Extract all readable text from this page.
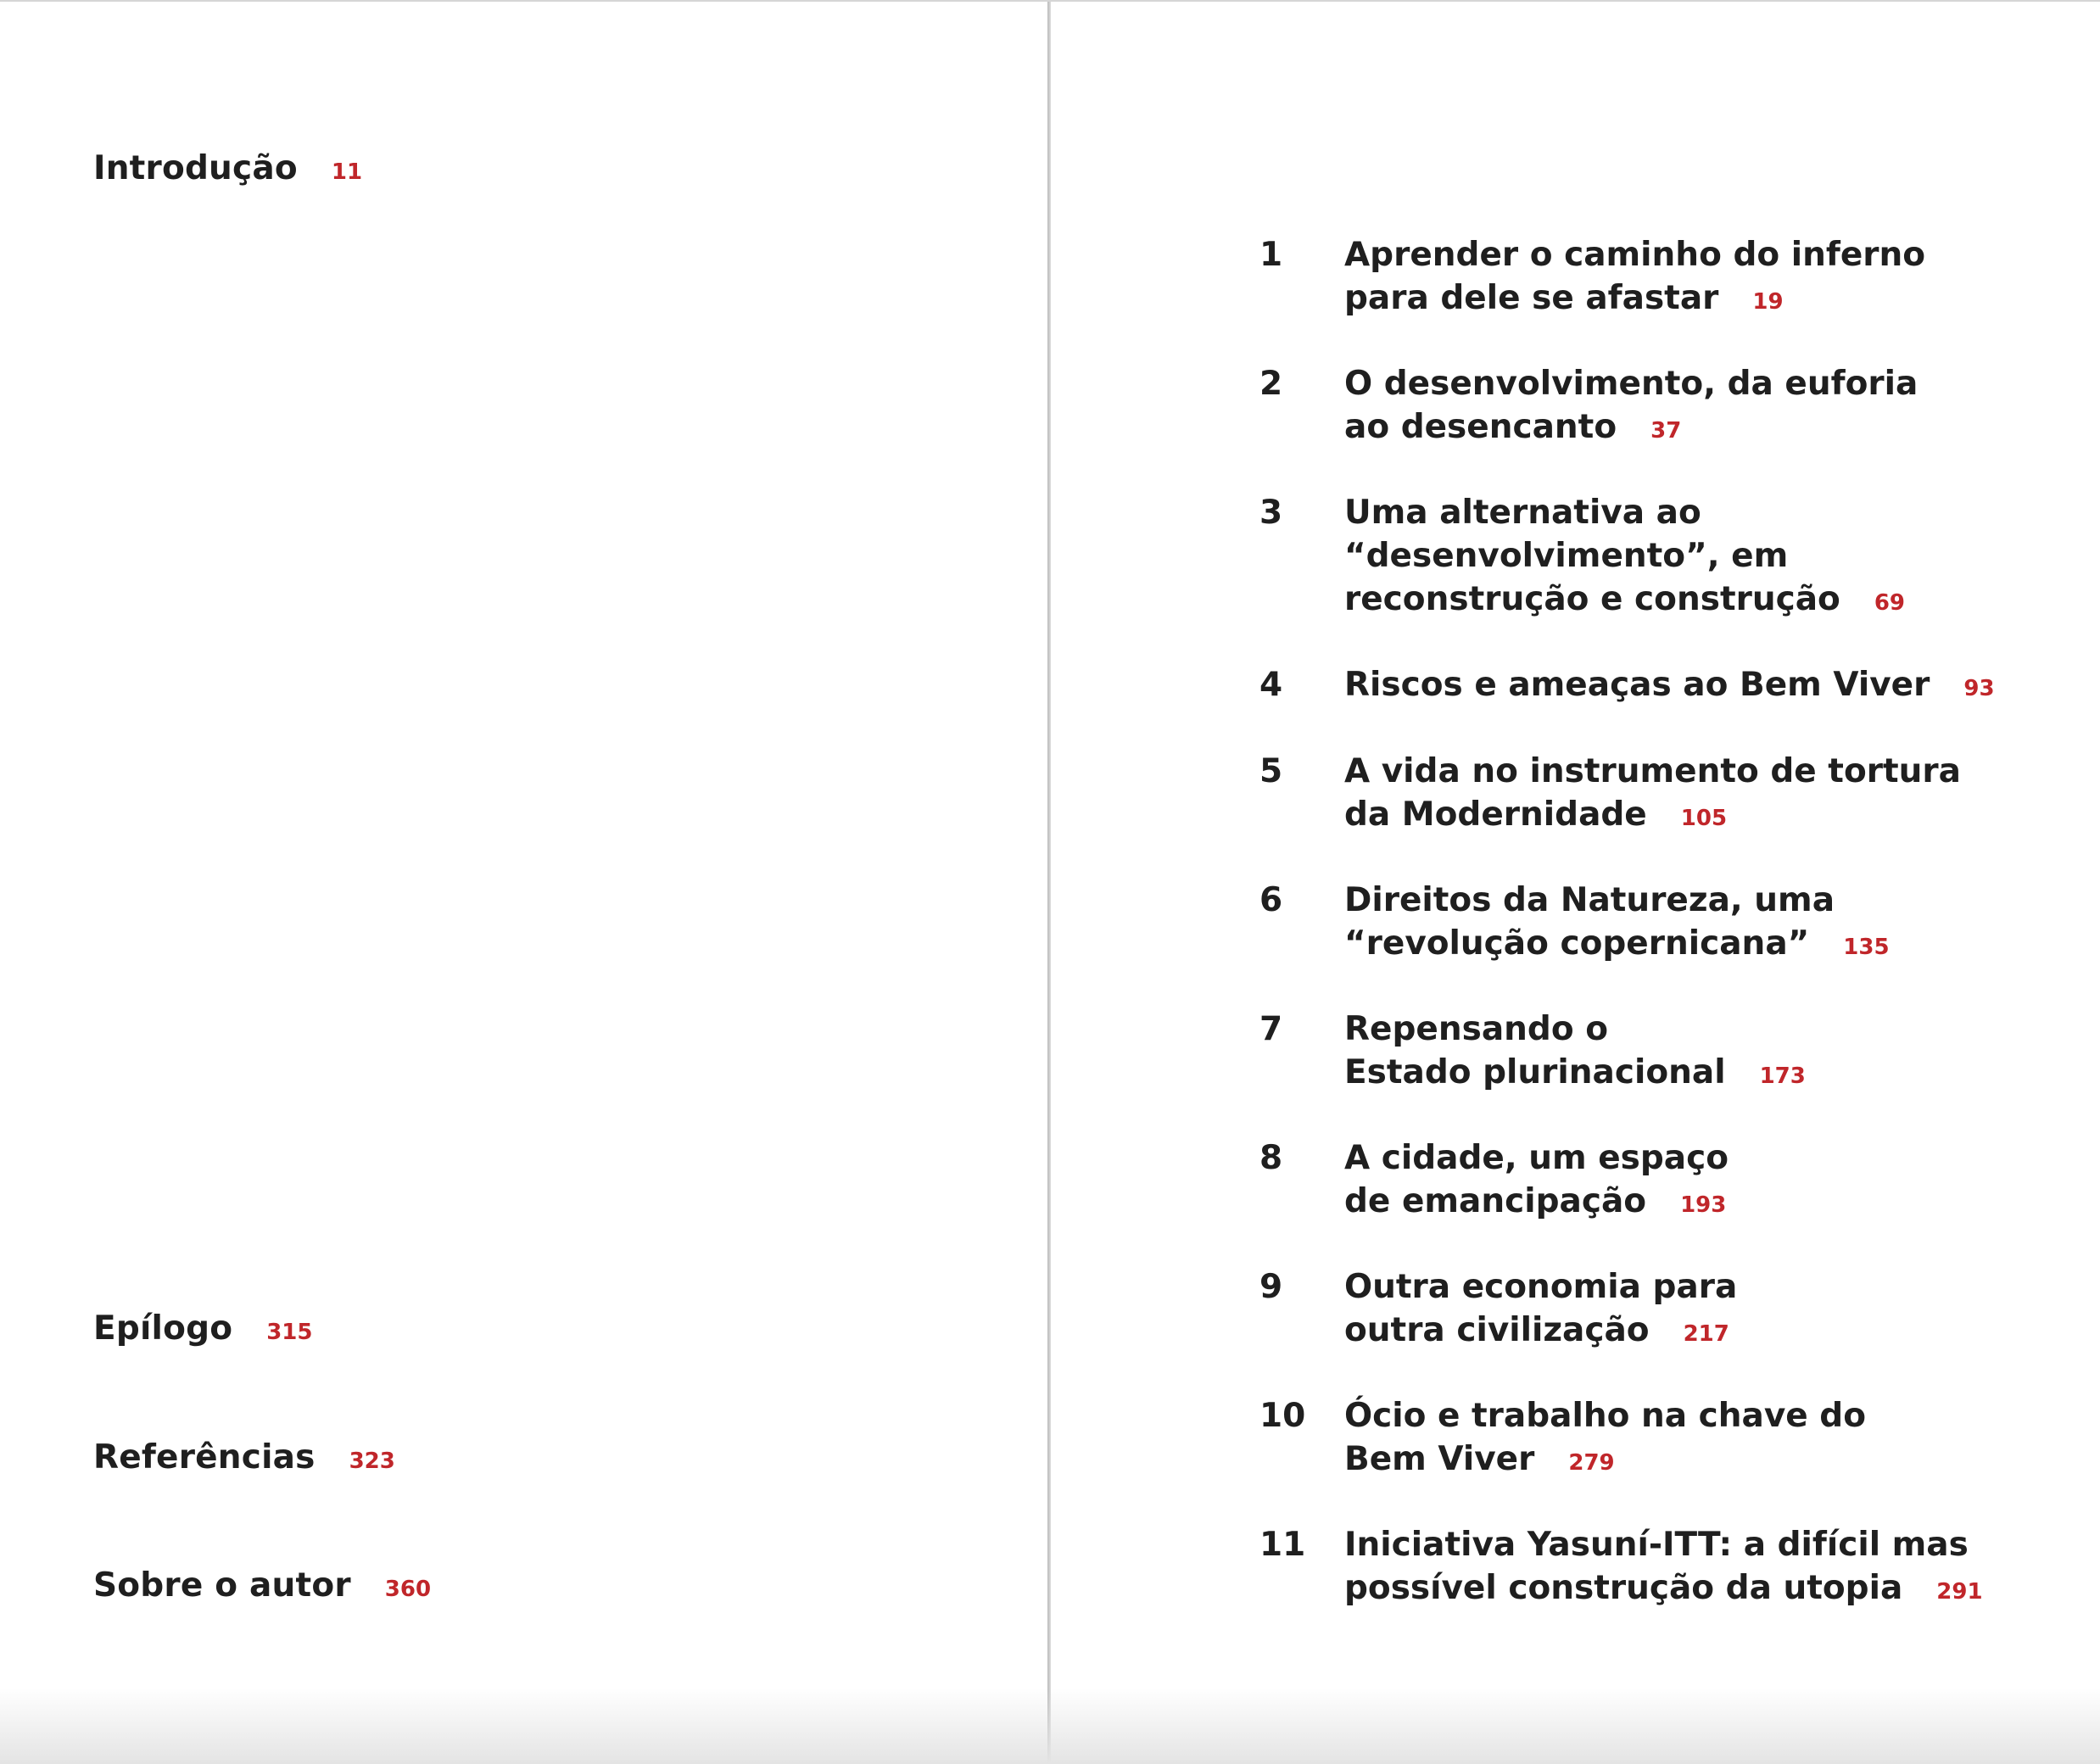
Introdução 11
Epílogo 315
Referências 323
Sobre o autor 360
1 Aprender o caminho do inferno
para dele se afastar 19
2 O desenvolvimento, da euforia
ao desencanto 37
3 Uma alternativa ao
“desenvolvimento”, em
reconstrução e construção 69
4 Riscos e ameaças ao Bem Viver 93
5 A vida no instrumento de tortura
da Modernidade 105
6 Direitos da Natureza, uma
“revolução copernicana” 135
7 Repensando o
Estado plurinacional 173
8 A cidade, um espaço
de emancipação 193
9 Outra economia para
outra civilização 217
10 Ócio e trabalho na chave do
Bem Viver 279
11 Iniciativa Yasuní-ITT: a difícil mas
possível construção da utopia 291
